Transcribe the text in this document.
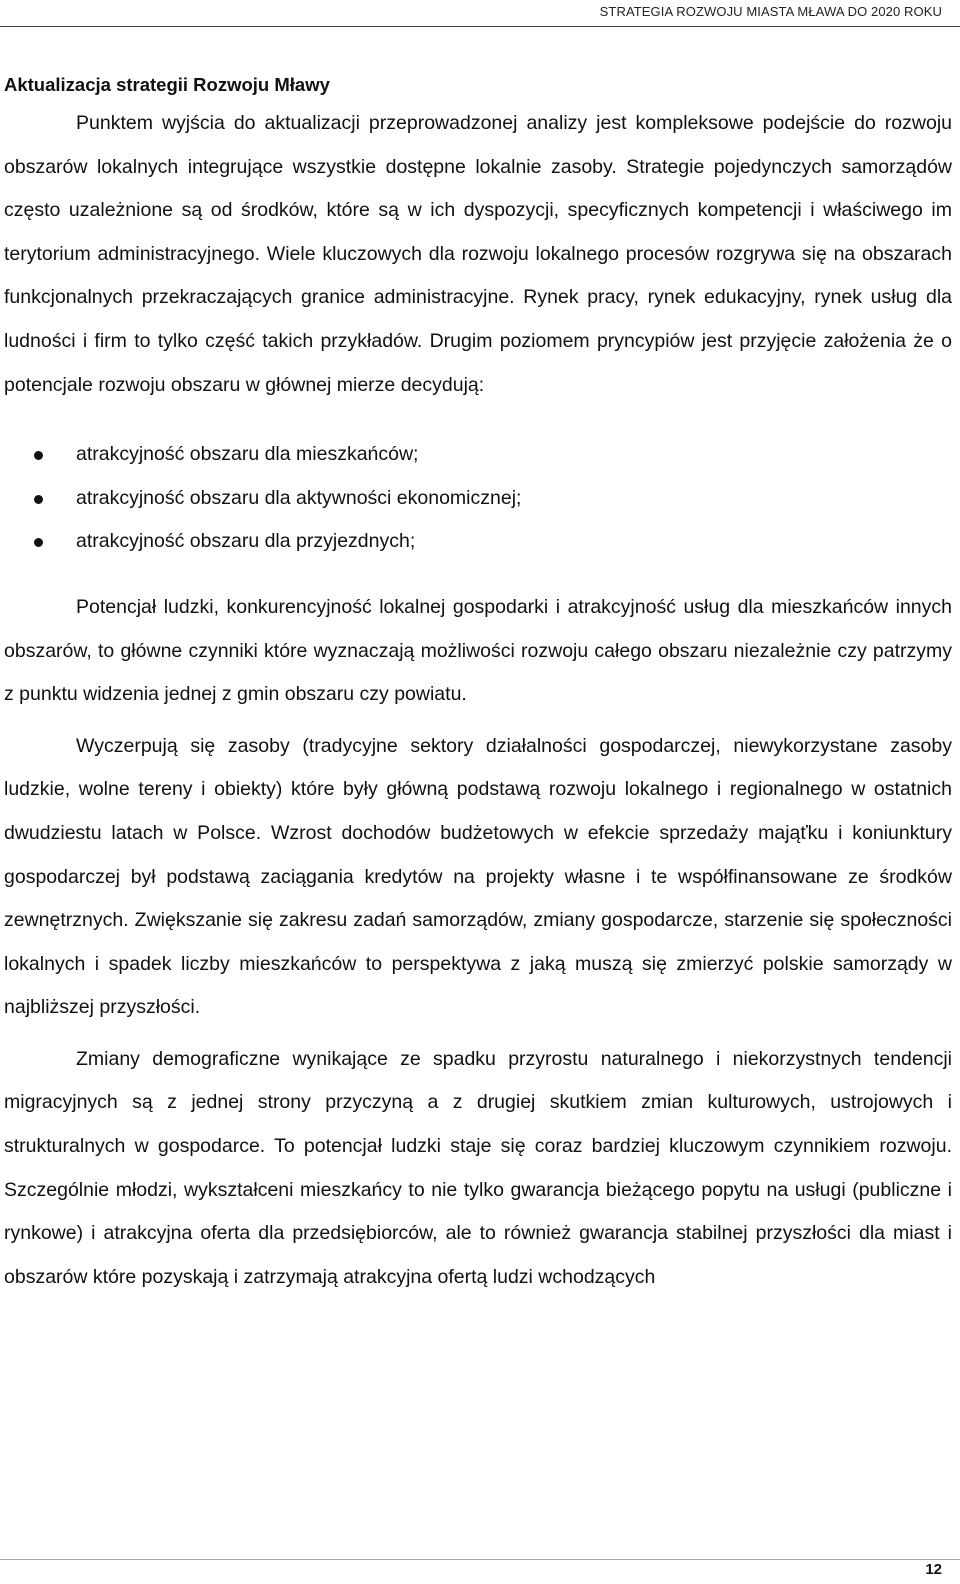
STRATEGIA ROZWOJU MIASTA MŁAWA DO 2020 ROKU
Aktualizacja strategii Rozwoju Mławy

Punktem wyjścia do aktualizacji przeprowadzonej analizy jest kompleksowe podejście do rozwoju obszarów lokalnych integrujące wszystkie dostępne lokalnie zasoby. Strategie pojedynczych samorządów często uzależnione są od środków, które są w ich dyspozycji, specyficznych kompetencji i właściwego im terytorium administracyjnego. Wiele kluczowych dla rozwoju lokalnego procesów rozgrywa się na obszarach funkcjonalnych przekraczających granice administracyjne. Rynek pracy, rynek edukacyjny, rynek usług dla ludności i firm to tylko część takich przykładów. Drugim poziomem pryncypiów jest przyjęcie założenia że o potencjale rozwoju obszaru w głównej mierze decydują:

atrakcyjność obszaru dla mieszkańców;
atrakcyjność obszaru dla aktywności ekonomicznej;
atrakcyjność obszaru dla przyjezdnych;

Potencjał ludzki, konkurencyjność lokalnej gospodarki i atrakcyjność usług dla mieszkańców innych obszarów, to główne czynniki które wyznaczają możliwości rozwoju całego obszaru niezależnie czy patrzymy z punktu widzenia jednej z gmin obszaru czy powiatu.

Wyczerpują się zasoby (tradycyjne sektory działalności gospodarczej, niewykorzystane zasoby ludzkie, wolne tereny i obiekty) które były główną podstawą rozwoju lokalnego i regionalnego w ostatnich dwudziestu latach w Polsce. Wzrost dochodów budżetowych w efekcie sprzedaży mająťku i koniunktury gospodarczej był podstawą zaciągania kredytów na projekty własne i te współfinansowane ze środków zewnętrznych. Zwiększanie się zakresu zadań samorządów, zmiany gospodarcze, starzenie się społeczności lokalnych i spadek liczby mieszkańców to perspektywa z jaką muszą się zmierzyć polskie samorządy w najbliższej przyszłości.

Zmiany demograficzne wynikające ze spadku przyrostu naturalnego i niekorzystnych tendencji migracyjnych są z jednej strony przyczyną a z drugiej skutkiem zmian kulturowych, ustrojowych i strukturalnych w gospodarce. To potencjał ludzki staje się coraz bardziej kluczowym czynnikiem rozwoju. Szczególnie młodzi, wykształceni mieszkańcy to nie tylko gwarancja bieżącego popytu na usługi (publiczne i rynkowe) i atrakcyjna oferta dla przedsiębiorców, ale to również gwarancja stabilnej przyszłości dla miast i obszarów które pozyskają i zatrzymają atrakcyjna ofertą ludzi wchodzących

12
